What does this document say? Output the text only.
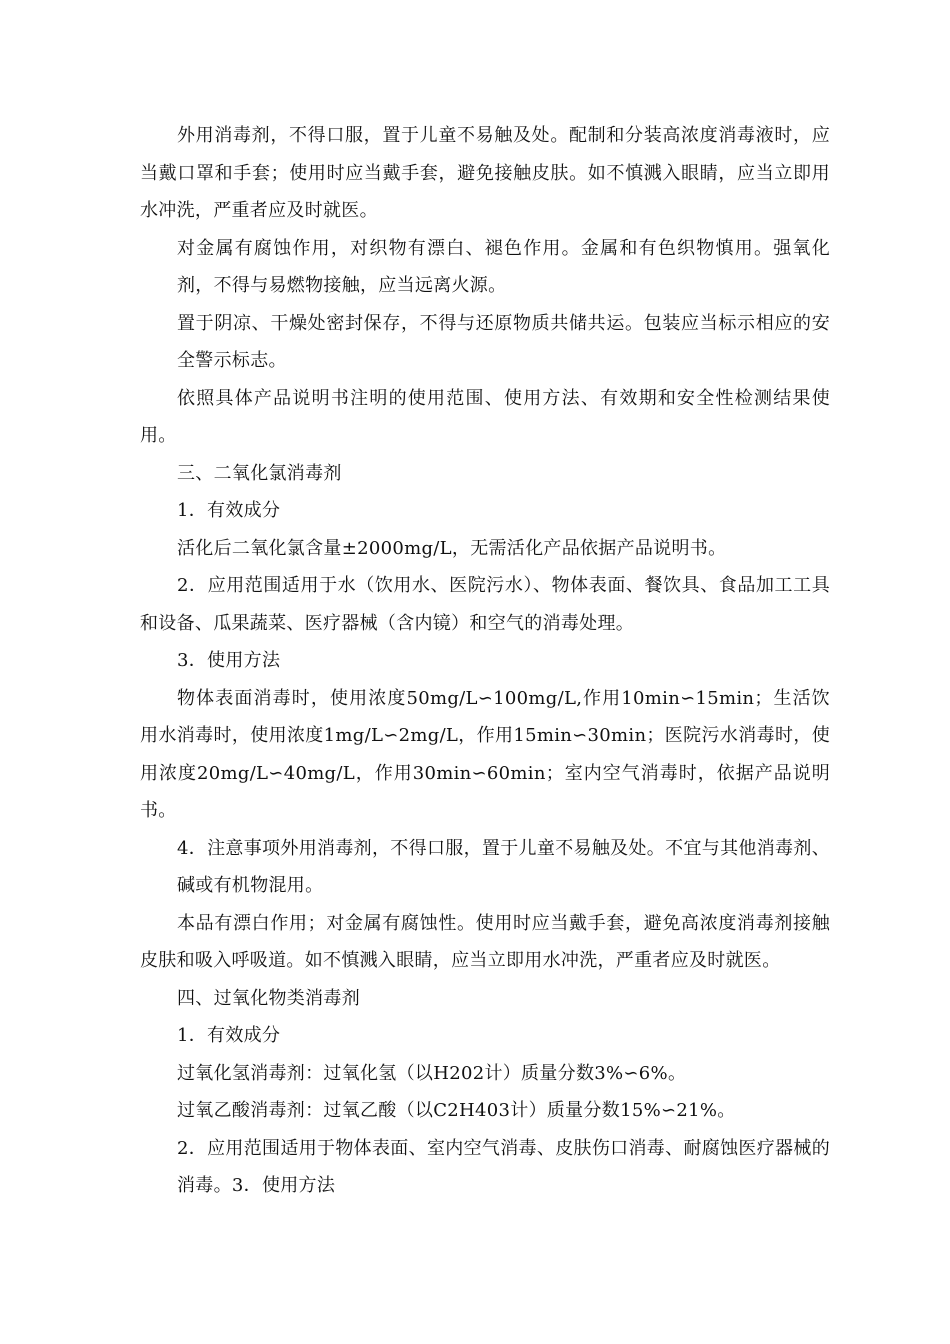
外用消毒剂，不得口服，置于儿童不易触及处。配制和分装高浓度消毒液时，应当戴口罩和手套；使用时应当戴手套，避免接触皮肤。如不慎溅入眼睛，应当立即用水冲洗，严重者应及时就医。

对金属有腐蚀作用，对织物有漂白、褪色作用。金属和有色织物慎用。强氧化剂，不得与易燃物接触，应当远离火源。

置于阴凉、干燥处密封保存，不得与还原物质共储共运。包装应当标示相应的安全警示标志。

依照具体产品说明书注明的使用范围、使用方法、有效期和安全性检测结果使用。

三、二氧化氯消毒剂

1．有效成分

活化后二氧化氯含量±2000mg/L，无需活化产品依据产品说明书。

2．应用范围适用于水（饮用水、医院污水）、物体表面、餐饮具、食品加工工具和设备、瓜果蔬菜、医疗器械（含内镜）和空气的消毒处理。

3．使用方法

物体表面消毒时，使用浓度50mg/L∽100mg/L,作用10min∽15min；生活饮用水消毒时，使用浓度1mg/L∽2mg/L，作用15min∽30min；医院污水消毒时，使用浓度20mg/L∽40mg/L，作用30min∽60min；室内空气消毒时，依据产品说明书。

4．注意事项外用消毒剂，不得口服，置于儿童不易触及处。不宜与其他消毒剂、碱或有机物混用。

本品有漂白作用；对金属有腐蚀性。使用时应当戴手套，避免高浓度消毒剂接触皮肤和吸入呼吸道。如不慎溅入眼睛，应当立即用水冲洗，严重者应及时就医。

四、过氧化物类消毒剂

1．有效成分

过氧化氢消毒剂：过氧化氢（以H202计）质量分数3%∽6%。

过氧乙酸消毒剂：过氧乙酸（以C2H403计）质量分数15%∽21%。

2．应用范围适用于物体表面、室内空气消毒、皮肤伤口消毒、耐腐蚀医疗器械的消毒。3．使用方法
